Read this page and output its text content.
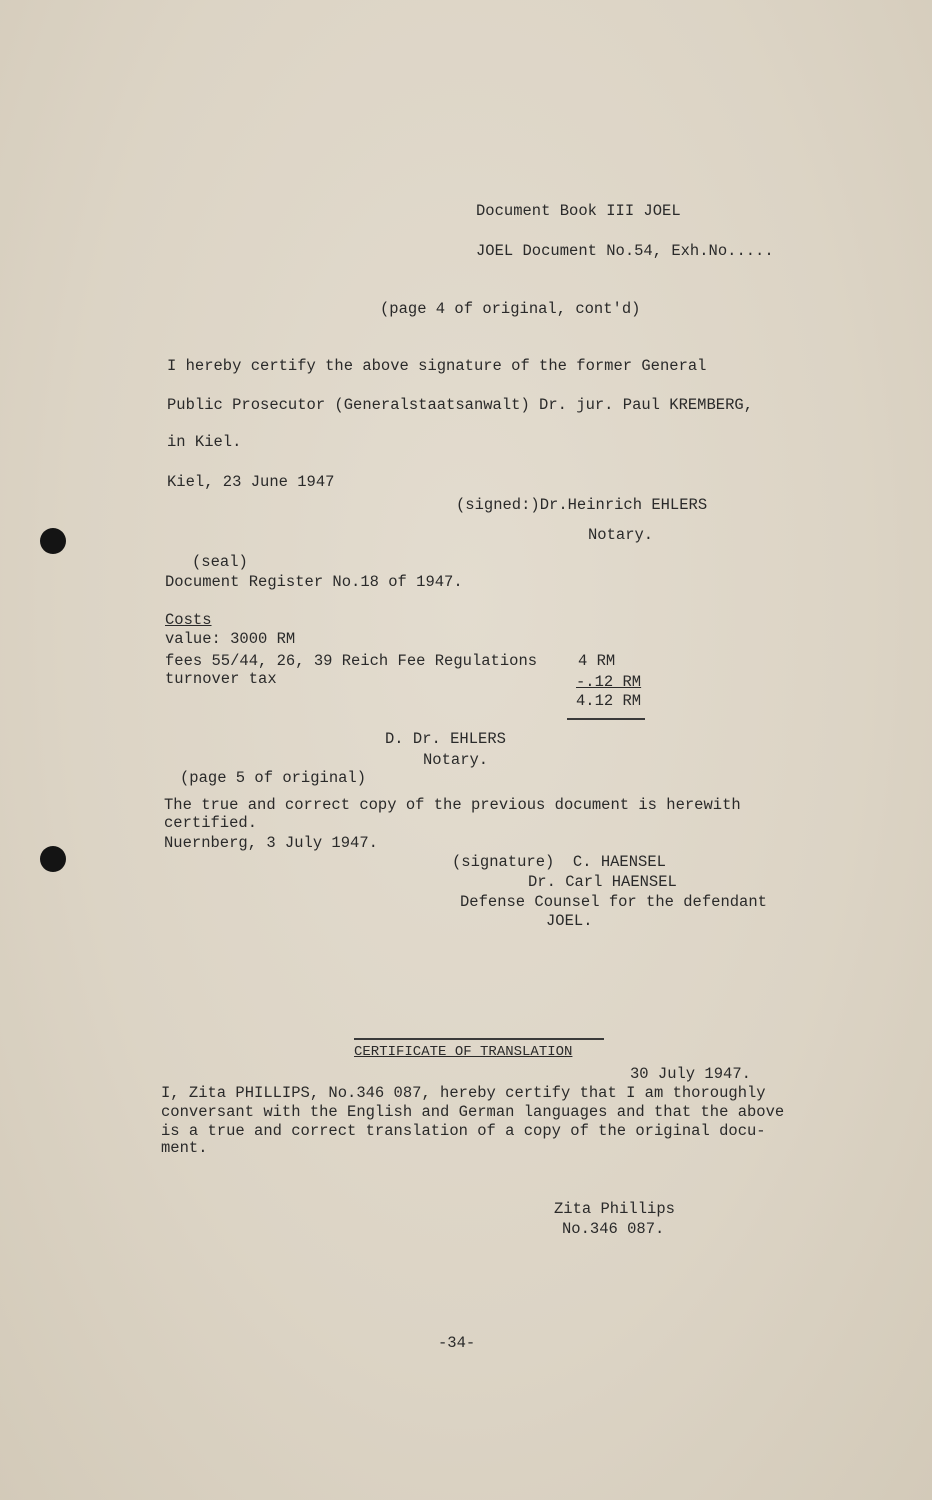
Document Book III JOEL
JOEL Document No.54, Exh.No.....
(page 4 of original, cont'd)
I hereby certify the above signature of the former General
Public Prosecutor (Generalstaatsanwalt) Dr. jur. Paul KREMBERG,
in Kiel.
Kiel, 23 June 1947
(signed:)Dr.Heinrich EHLERS
Notary.
(seal)
Document Register No.18 of 1947.
Costs
value: 3000 RM
fees 55/44, 26, 39 Reich Fee Regulations	4 RM
turnover tax	-.12 RM
4.12 RM
D. Dr. EHLERS
Notary.
(page 5 of original)
The true and correct copy of the previous document is herewith
certified.
Nuernberg, 3 July 1947.
(signature)  C. HAENSEL
Dr. Carl HAENSEL
Defense Counsel for the defendant
JOEL.
CERTIFICATE OF TRANSLATION
30 July 1947.
I, Zita PHILLIPS, No.346 087, hereby certify that I am thoroughly
conversant with the English and German languages and that the above
is a true and correct translation of a copy of the original docu-
ment.
Zita Phillips
No.346 087.
-34-
